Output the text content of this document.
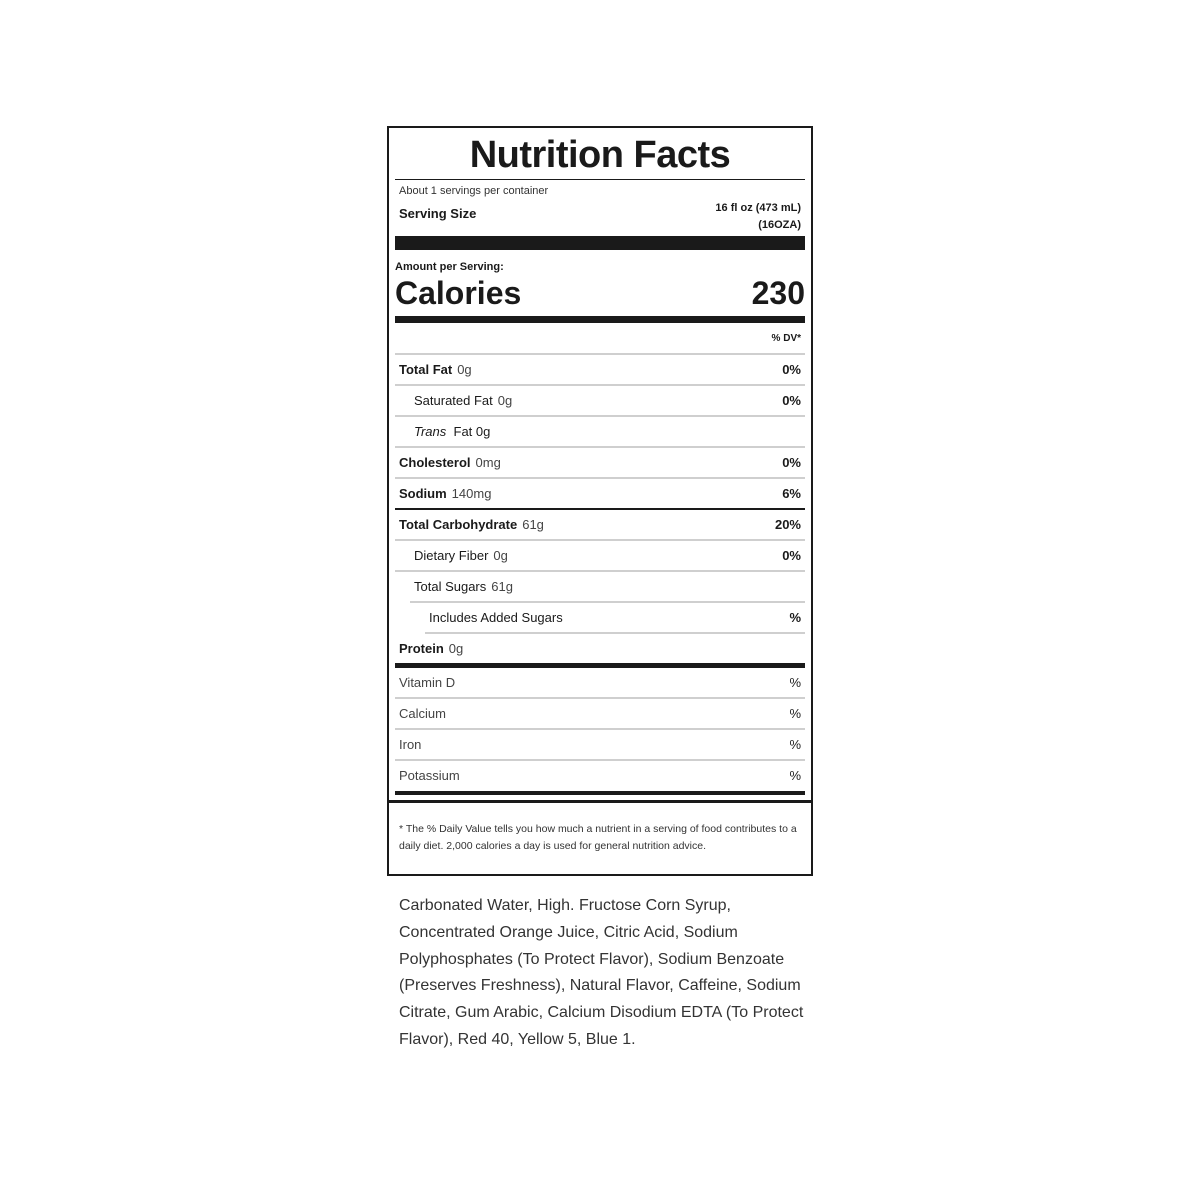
Nutrition Facts
About 1 servings per container
Serving Size	16 fl oz (473 mL)
(16OZA)
Amount per Serving:
Calories	230
% DV*
Total Fat 0g	0%
Saturated Fat 0g	0%
Trans Fat 0g
Cholesterol 0mg	0%
Sodium 140mg	6%
Total Carbohydrate 61g	20%
Dietary Fiber 0g	0%
Total Sugars 61g
Includes Added Sugars	%
Protein 0g
Vitamin D	%
Calcium	%
Iron	%
Potassium	%
* The % Daily Value tells you how much a nutrient in a serving of food contributes to a daily diet. 2,000 calories a day is used for general nutrition advice.
Carbonated Water, High. Fructose Corn Syrup, Concentrated Orange Juice, Citric Acid, Sodium Polyphosphates (To Protect Flavor), Sodium Benzoate (Preserves Freshness), Natural Flavor, Caffeine, Sodium Citrate, Gum Arabic, Calcium Disodium EDTA (To Protect Flavor), Red 40, Yellow 5, Blue 1.
